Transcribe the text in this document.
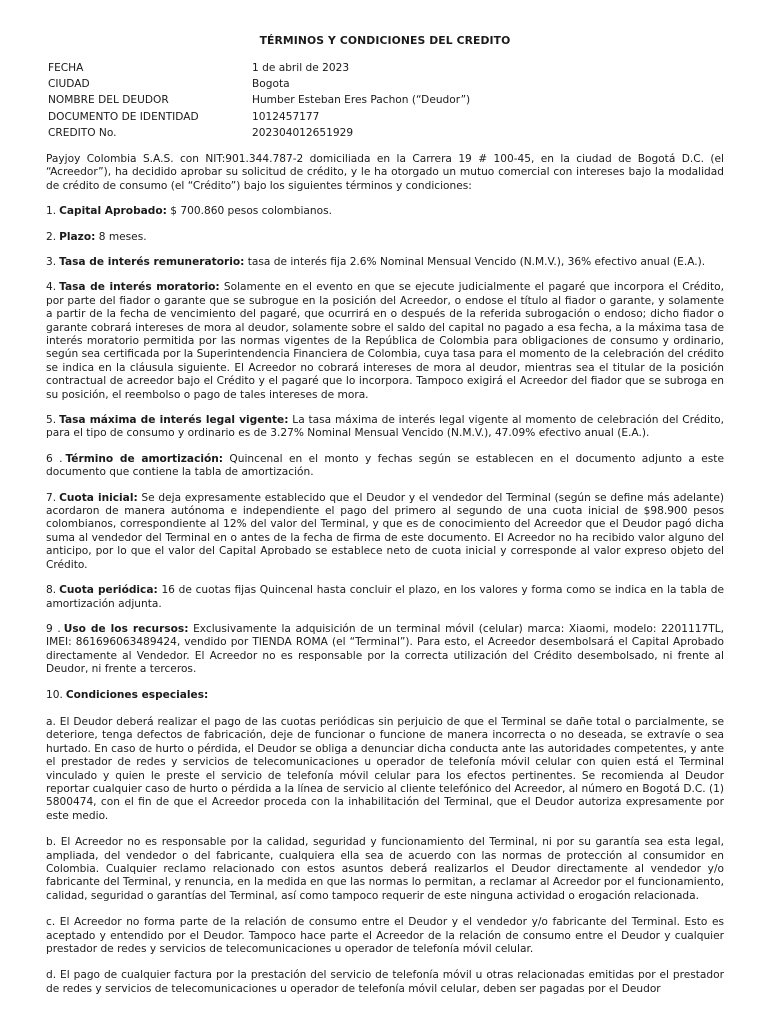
TÉRMINOS Y CONDICIONES DEL CREDITO
FECHA	1 de abril de 2023
CIUDAD	Bogota
NOMBRE DEL DEUDOR	Humber Esteban Eres Pachon (“Deudor”)
DOCUMENTO DE IDENTIDAD	1012457177
CREDITO No.	202304012651929

Payjoy Colombia S.A.S. con NIT:901.344.787-2 domiciliada en la Carrera 19 # 100-45, en la ciudad de Bogotá D.C. (el “Acreedor”), ha decidido aprobar su solicitud de crédito, y le ha otorgado un mutuo comercial con intereses bajo la modalidad de crédito de consumo (el “Crédito”) bajo los siguientes términos y condiciones:

1. Capital Aprobado: $ 700.860 pesos colombianos.

2. Plazo: 8 meses.

3. Tasa de interés remuneratorio: tasa de interés fija 2.6% Nominal Mensual Vencido (N.M.V.), 36% efectivo anual (E.A.).

4. Tasa de interés moratorio: Solamente en el evento en que se ejecute judicialmente el pagaré que incorpora el Crédito, por parte del fiador o garante que se subrogue en la posición del Acreedor, o endose el título al fiador o garante, y solamente a partir de la fecha de vencimiento del pagaré, que ocurrirá en o después de la referida subrogación o endoso; dicho fiador o garante cobrará intereses de mora al deudor, solamente sobre el saldo del capital no pagado a esa fecha, a la máxima tasa de interés moratorio permitida por las normas vigentes de la República de Colombia para obligaciones de consumo y ordinario, según sea certificada por la Superintendencia Financiera de Colombia, cuya tasa para el momento de la celebración del crédito se indica en la cláusula siguiente. El Acreedor no cobrará intereses de mora al deudor, mientras sea el titular de la posición contractual de acreedor bajo el Crédito y el pagaré que lo incorpora. Tampoco exigirá el Acreedor del fiador que se subroga en su posición, el reembolso o pago de tales intereses de mora.

5. Tasa máxima de interés legal vigente: La tasa máxima de interés legal vigente al momento de celebración del Crédito, para el tipo de consumo y ordinario es de 3.27% Nominal Mensual Vencido (N.M.V.), 47.09% efectivo anual (E.A.).

6 . Término de amortización: Quincenal en el monto y fechas según se establecen en el documento adjunto a este documento que contiene la tabla de amortización.

7. Cuota inicial: Se deja expresamente establecido que el Deudor y el vendedor del Terminal (según se define más adelante) acordaron de manera autónoma e independiente el pago del primero al segundo de una cuota inicial de $98.900 pesos colombianos, correspondiente al 12% del valor del Terminal, y que es de conocimiento del Acreedor que el Deudor pagó dicha suma al vendedor del Terminal en o antes de la fecha de firma de este documento. El Acreedor no ha recibido valor alguno del anticipo, por lo que el valor del Capital Aprobado se establece neto de cuota inicial y corresponde al valor expreso objeto del Crédito.

8. Cuota periódica: 16 de cuotas fijas Quincenal hasta concluir el plazo, en los valores y forma como se indica en la tabla de amortización adjunta.

9 . Uso de los recursos: Exclusivamente la adquisición de un terminal móvil (celular) marca: Xiaomi, modelo: 2201117TL, IMEI: 861696063489424, vendido por TIENDA ROMA (el “Terminal”). Para esto, el Acreedor desembolsará el Capital Aprobado directamente al Vendedor. El Acreedor no es responsable por la correcta utilización del Crédito desembolsado, ni frente al Deudor, ni frente a terceros.

10. Condiciones especiales:

a. El Deudor deberá realizar el pago de las cuotas periódicas sin perjuicio de que el Terminal se dañe total o parcialmente, se deteriore, tenga defectos de fabricación, deje de funcionar o funcione de manera incorrecta o no deseada, se extravíe o sea hurtado. En caso de hurto o pérdida, el Deudor se obliga a denunciar dicha conducta ante las autoridades competentes, y ante el prestador de redes y servicios de telecomunicaciones u operador de telefonía móvil celular con quien está el Terminal vinculado y quien le preste el servicio de telefonía móvil celular para los efectos pertinentes. Se recomienda al Deudor reportar cualquier caso de hurto o pérdida a la línea de servicio al cliente telefónico del Acreedor, al número en Bogotá D.C. (1) 5800474, con el fin de que el Acreedor proceda con la inhabilitación del Terminal, que el Deudor autoriza expresamente por este medio.

b. El Acreedor no es responsable por la calidad, seguridad y funcionamiento del Terminal, ni por su garantía sea esta legal, ampliada, del vendedor o del fabricante, cualquiera ella sea de acuerdo con las normas de protección al consumidor en Colombia. Cualquier reclamo relacionado con estos asuntos deberá realizarlos el Deudor directamente al vendedor y/o fabricante del Terminal, y renuncia, en la medida en que las normas lo permitan, a reclamar al Acreedor por el funcionamiento, calidad, seguridad o garantías del Terminal, así como tampoco requerir de este ninguna actividad o erogación relacionada.

c. El Acreedor no forma parte de la relación de consumo entre el Deudor y el vendedor y/o fabricante del Terminal. Esto es aceptado y entendido por el Deudor. Tampoco hace parte el Acreedor de la relación de consumo entre el Deudor y cualquier prestador de redes y servicios de telecomunicaciones u operador de telefonía móvil celular.

d. El pago de cualquier factura por la prestación del servicio de telefonía móvil u otras relacionadas emitidas por el prestador de redes y servicios de telecomunicaciones u operador de telefonía móvil celular, deben ser pagadas por el Deudor
